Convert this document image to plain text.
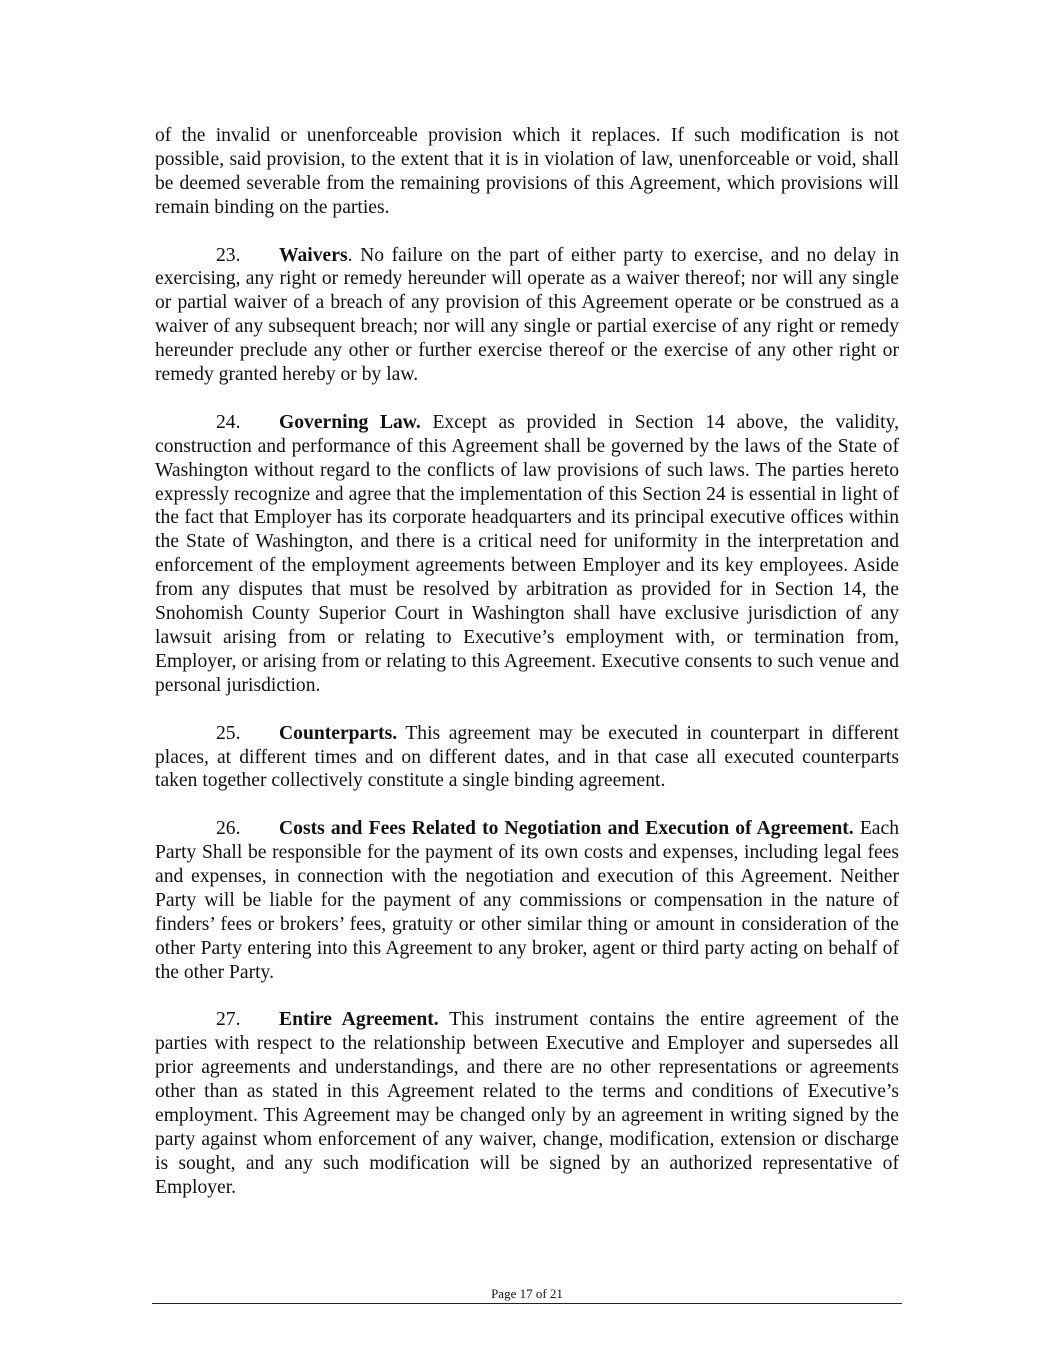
of the invalid or unenforceable provision which it replaces. If such modification is not possible, said provision, to the extent that it is in violation of law, unenforceable or void, shall be deemed severable from the remaining provisions of this Agreement, which provisions will remain binding on the parties.

23. Waivers. No failure on the part of either party to exercise, and no delay in exercising, any right or remedy hereunder will operate as a waiver thereof; nor will any single or partial waiver of a breach of any provision of this Agreement operate or be construed as a waiver of any subsequent breach; nor will any single or partial exercise of any right or remedy hereunder preclude any other or further exercise thereof or the exercise of any other right or remedy granted hereby or by law.

24. Governing Law. Except as provided in Section 14 above, the validity, construction and performance of this Agreement shall be governed by the laws of the State of Washington without regard to the conflicts of law provisions of such laws. The parties hereto expressly recognize and agree that the implementation of this Section 24 is essential in light of the fact that Employer has its corporate headquarters and its principal executive offices within the State of Washington, and there is a critical need for uniformity in the interpretation and enforcement of the employment agreements between Employer and its key employees. Aside from any disputes that must be resolved by arbitration as provided for in Section 14, the Snohomish County Superior Court in Washington shall have exclusive jurisdiction of any lawsuit arising from or relating to Executive’s employment with, or termination from, Employer, or arising from or relating to this Agreement. Executive consents to such venue and personal jurisdiction.

25. Counterparts. This agreement may be executed in counterpart in different places, at different times and on different dates, and in that case all executed counterparts taken together collectively constitute a single binding agreement.

26. Costs and Fees Related to Negotiation and Execution of Agreement. Each Party Shall be responsible for the payment of its own costs and expenses, including legal fees and expenses, in connection with the negotiation and execution of this Agreement. Neither Party will be liable for the payment of any commissions or compensation in the nature of finders’ fees or brokers’ fees, gratuity or other similar thing or amount in consideration of the other Party entering into this Agreement to any broker, agent or third party acting on behalf of the other Party.

27. Entire Agreement. This instrument contains the entire agreement of the parties with respect to the relationship between Executive and Employer and supersedes all prior agreements and understandings, and there are no other representations or agreements other than as stated in this Agreement related to the terms and conditions of Executive’s employment. This Agreement may be changed only by an agreement in writing signed by the party against whom enforcement of any waiver, change, modification, extension or discharge is sought, and any such modification will be signed by an authorized representative of Employer.

Page 17 of 21
